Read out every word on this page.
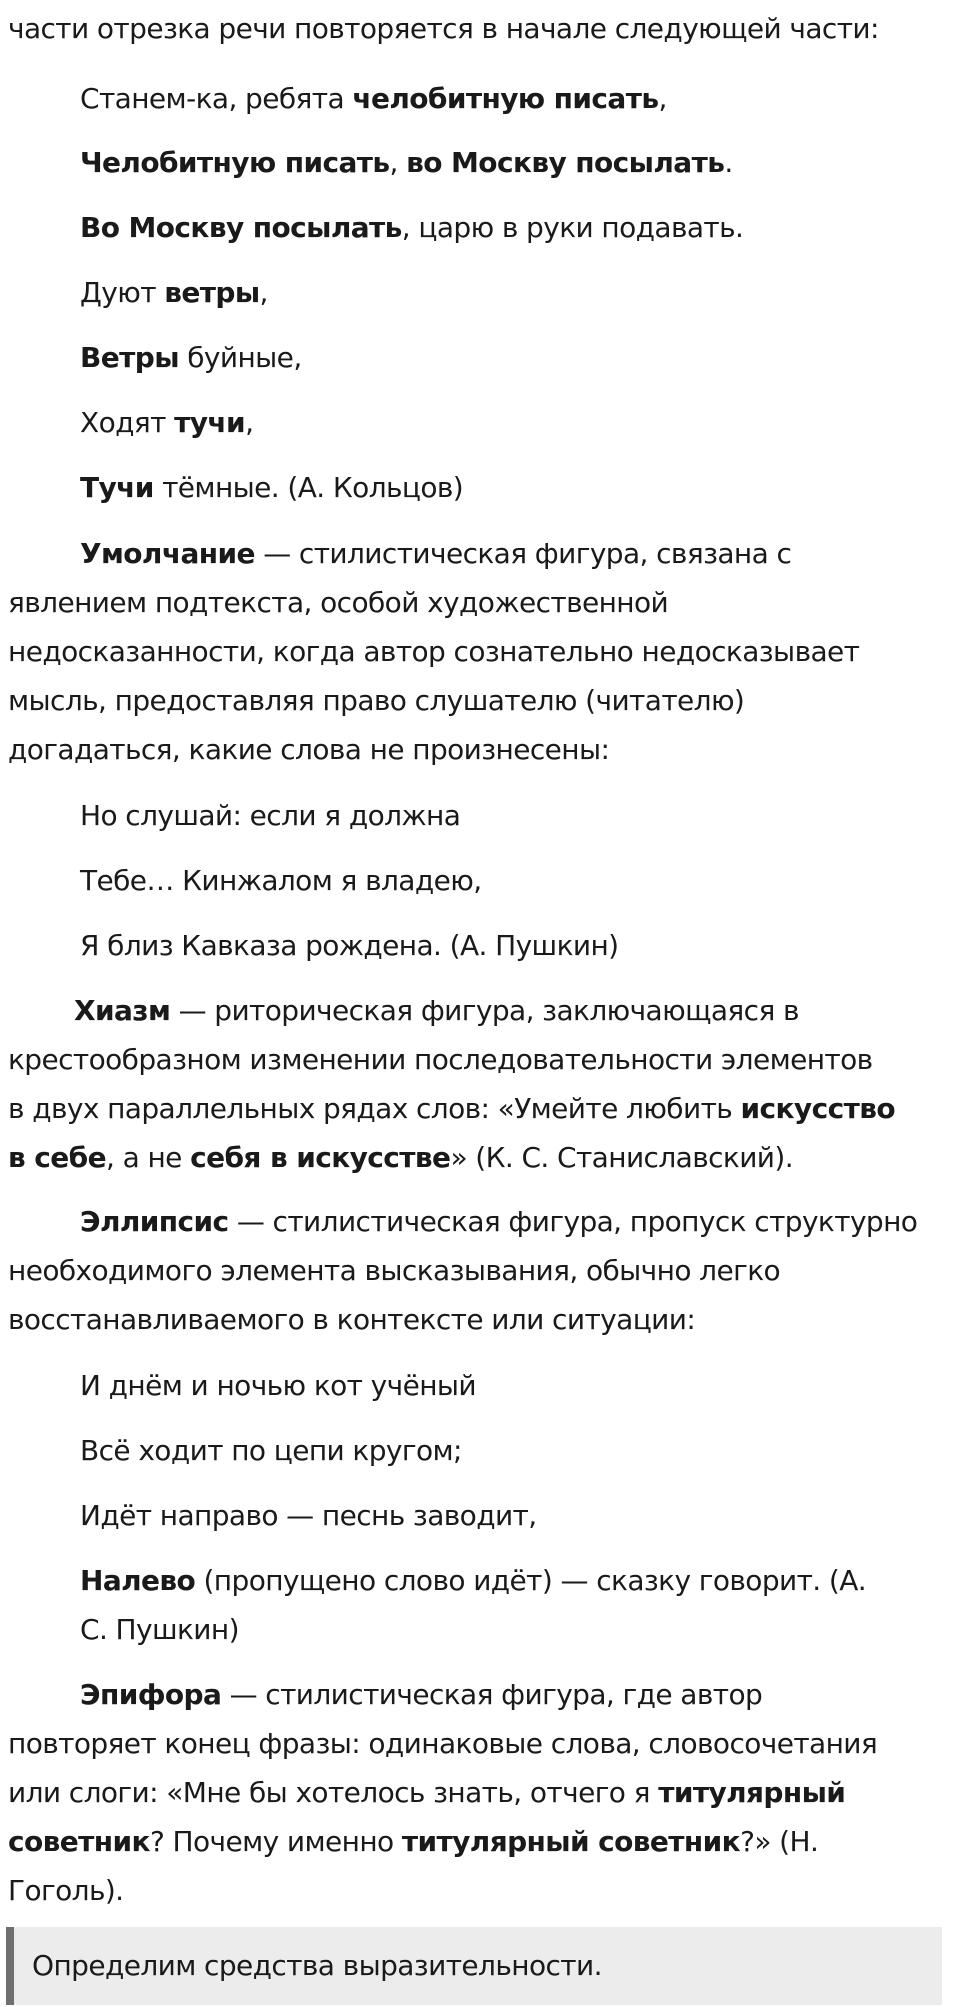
части отрезка речи повторяется в начале следующей части:
Станем-ка, ребята челобитную писать,
Челобитную писать, во Москву посылать.
Во Москву посылать, царю в руки подавать.
Дуют ветры,
Ветры буйные,
Ходят тучи,
Тучи тёмные. (А. Кольцов)
Умолчание — стилистическая фигура, связана с
явлением подтекста, особой художественной
недосказанности, когда автор сознательно недосказывает
мысль, предоставляя право слушателю (читателю)
догадаться, какие слова не произнесены:
Но слушай: если я должна
Тебе… Кинжалом я владею,
Я близ Кавказа рождена. (А. Пушкин)
Хиазм — риторическая фигура, заключающаяся в
крестообразном изменении последовательности элементов
в двух параллельных рядах слов: «Умейте любить искусство
в себе, а не себя в искусстве» (К. С. Станиславский).
Эллипсис — стилистическая фигура, пропуск структурно
необходимого элемента высказывания, обычно легко
восстанавливаемого в контексте или ситуации:
И днём и ночью кот учёный
Всё ходит по цепи кругом;
Идёт направо — песнь заводит,
Налево (пропущено слово идёт) — сказку говорит. (А.
С. Пушкин)
Эпифора — стилистическая фигура, где автор
повторяет конец фразы: одинаковые слова, словосочетания
или слоги: «Мне бы хотелось знать, отчего я титулярный
советник? Почему именно титулярный советник?» (Н.
Гоголь).
Определим средства выразительности.
